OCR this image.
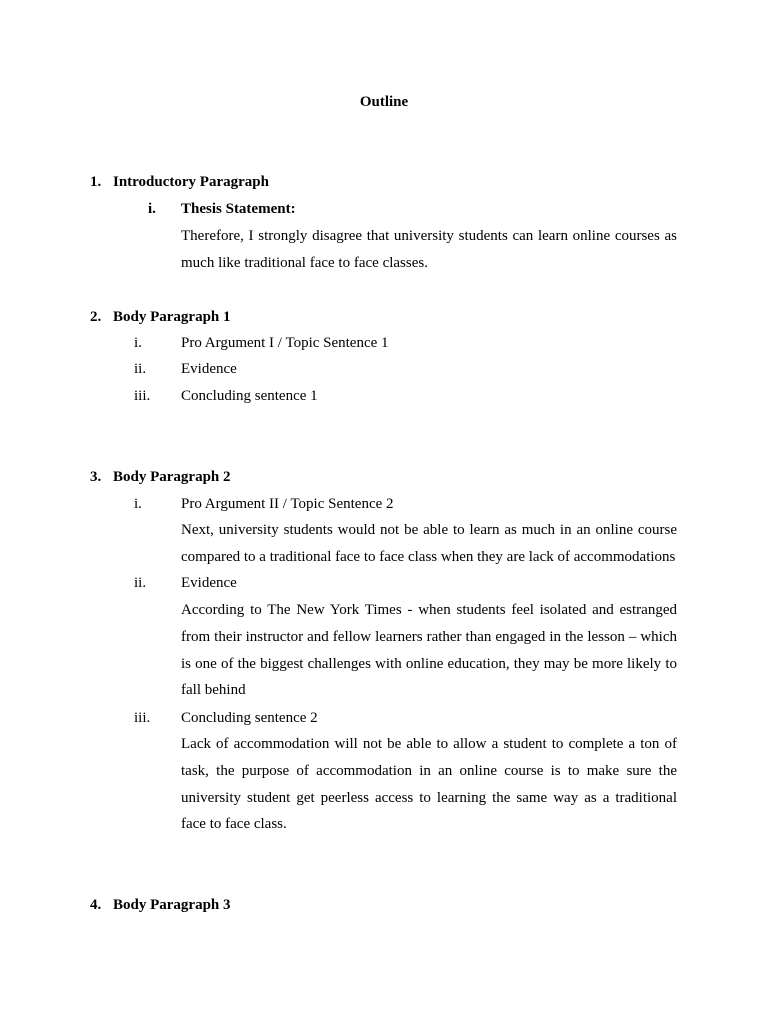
Outline
1. Introductory Paragraph
i. Thesis Statement:
Therefore, I strongly disagree that university students can learn online courses as much like traditional face to face classes.
2. Body Paragraph 1
i.	Pro Argument I / Topic Sentence 1
ii. Evidence
iii. Concluding sentence 1
3. Body Paragraph 2
i.	Pro Argument II / Topic Sentence 2
Next, university students would not be able to learn as much in an online course compared to a traditional face to face class when they are lack of accommodations
ii. Evidence
According to The New York Times - when students feel isolated and estranged from their instructor and fellow learners rather than engaged in the lesson – which is one of the biggest challenges with online education, they may be more likely to fall behind
iii. Concluding sentence 2
Lack of accommodation will not be able to allow a student to complete a ton of task, the purpose of accommodation in an online course is to make sure the university student get peerless access to learning the same way as a traditional face to face class.
4. Body Paragraph 3
